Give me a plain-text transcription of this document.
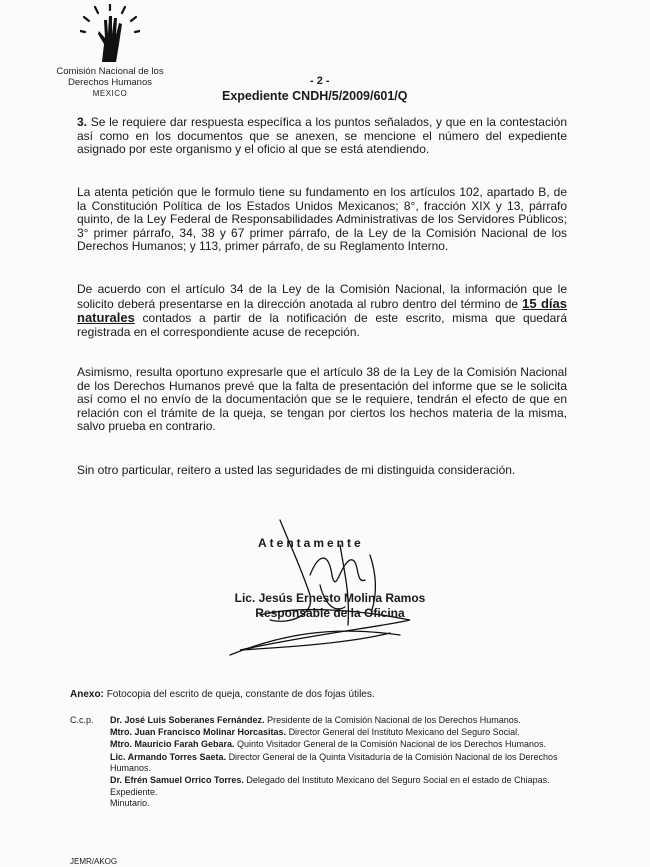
Comisión Nacional de los
Derechos Humanos
MEXICO
- 2 -
Expediente CNDH/5/2009/601/Q
3. Se le requiere dar respuesta específica a los puntos señalados, y que en la contestación así como en los documentos que se anexen, se mencione el número del expediente asignado por este organismo y el oficio al que se está atendiendo.
La atenta petición que le formulo tiene su fundamento en los artículos 102, apartado B, de la Constitución Política de los Estados Unidos Mexicanos; 8°, fracción XIX y 13, párrafo quinto, de la Ley Federal de Responsabilidades Administrativas de los Servidores Públicos; 3° primer párrafo, 34, 38 y 67 primer párrafo, de la Ley de la Comisión Nacional de los Derechos Humanos; y 113, primer párrafo, de su Reglamento Interno.
De acuerdo con el artículo 34 de la Ley de la Comisión Nacional, la información que le solicito deberá presentarse en la dirección anotada al rubro dentro del término de 15 días naturales contados a partir de la notificación de este escrito, misma que quedará registrada en el correspondiente acuse de recepción.
Asimismo, resulta oportuno expresarle que el artículo 38 de la Ley de la Comisión Nacional de los Derechos Humanos prevé que la falta de presentación del informe que se le solicita así como el no envío de la documentación que se le requiere, tendrán el efecto de que en relación con el trámite de la queja, se tengan por ciertos los hechos materia de la misma, salvo prueba en contrario.
Sin otro particular, reitero a usted las seguridades de mi distinguida consideración.
Atentamente
Lic. Jesús Ernesto Molina Ramos
Responsable de la Oficina
Anexo: Fotocopia del escrito de queja, constante de dos fojas útiles.
C.c.p. Dr. José Luis Soberanes Fernández. Presidente de la Comisión Nacional de los Derechos Humanos.
Mtro. Juan Francisco Molinar Horcasitas. Director General del Instituto Mexicano del Seguro Social.
Mtro. Mauricio Farah Gebara. Quinto Visitador General de la Comisión Nacional de los Derechos Humanos.
Lic. Armando Torres Saeta. Director General de la Quinta Visitaduría de la Comisión Nacional de los Derechos Humanos.
Dr. Efrén Samuel Orrico Torres. Delegado del Instituto Mexicano del Seguro Social en el estado de Chiapas.
Expediente.
Minutario.
JEMR/AKOG
